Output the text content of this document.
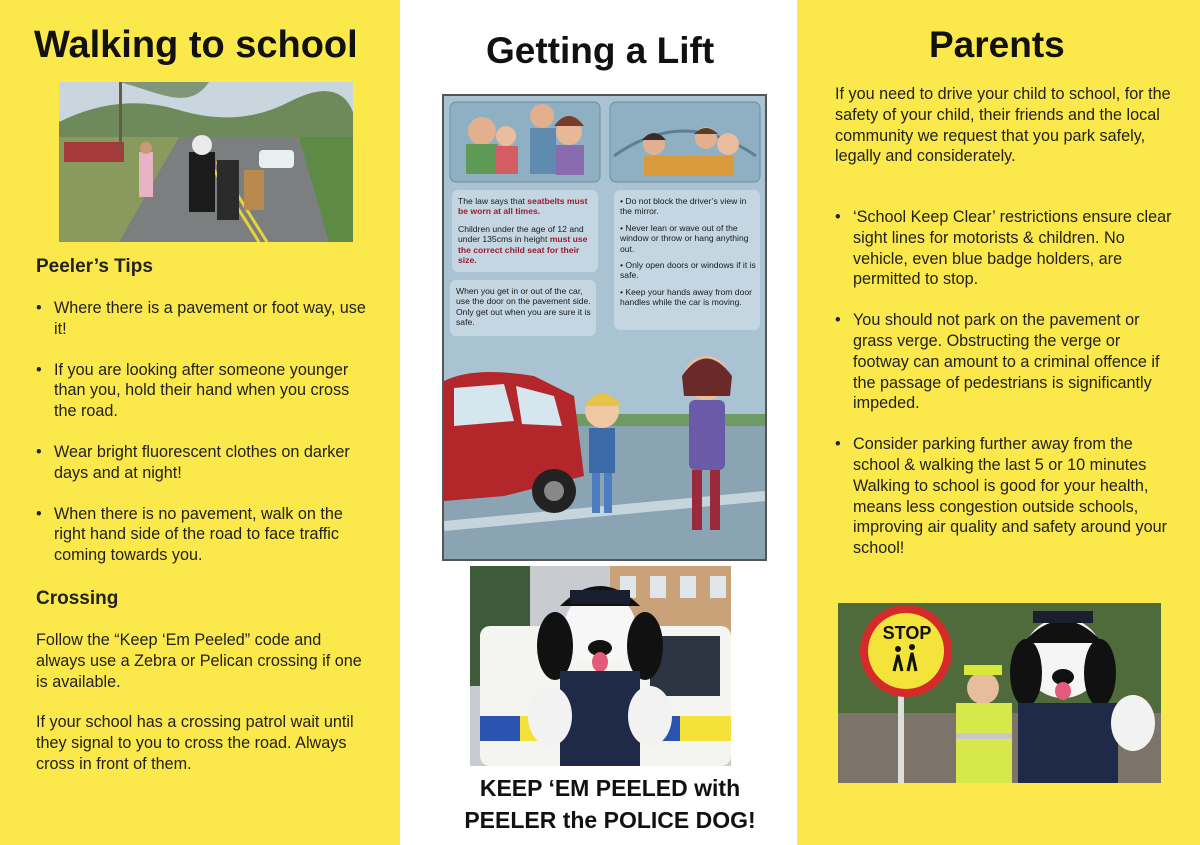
Walking to school
Peeler’s Tips
• Where there is a pavement or foot way, use it!
• If you are looking after someone younger than you, hold their hand when you cross the road.
• Wear bright fluorescent clothes on darker days and at night!
• When there is no pavement, walk on the right hand side of the road to face traffic coming towards you.
Crossing
Follow the “Keep ‘Em Peeled” code and always use a Zebra or Pelican crossing if one is available.
If your school has a crossing patrol wait until they signal to you to cross the road. Always cross in front of them.
Getting a Lift
The law says that seatbelts must be worn at all times.
Children under the age of 12 and under 135cms in height must use the correct child seat for their size.
When you get in or out of the car, use the door on the pavement side. Only get out when you are sure it is safe.
• Do not block the driver’s view in the mirror.
• Never lean or wave out of the window or throw or hang anything out.
• Only open doors or windows if it is safe.
• Keep your hands away from door handles while the car is moving.
KEEP ‘EM PEELED with
PEELER the POLICE DOG!
Parents
If you need to drive your child to school, for the safety of your child, their friends and the local community we request that you park safely, legally and considerately.
• ‘School Keep Clear’ restrictions ensure clear sight lines for motorists & children. No vehicle, even blue badge holders, are permitted to stop.
• You should not park on the pavement or grass verge. Obstructing the verge or footway can amount to a criminal offence if the passage of pedestrians is significantly impeded.
• Consider parking further away from the school & walking the last 5 or 10 minutes Walking to school is good for your health, means less congestion outside schools, improving air quality and safety around your school!
STOP
